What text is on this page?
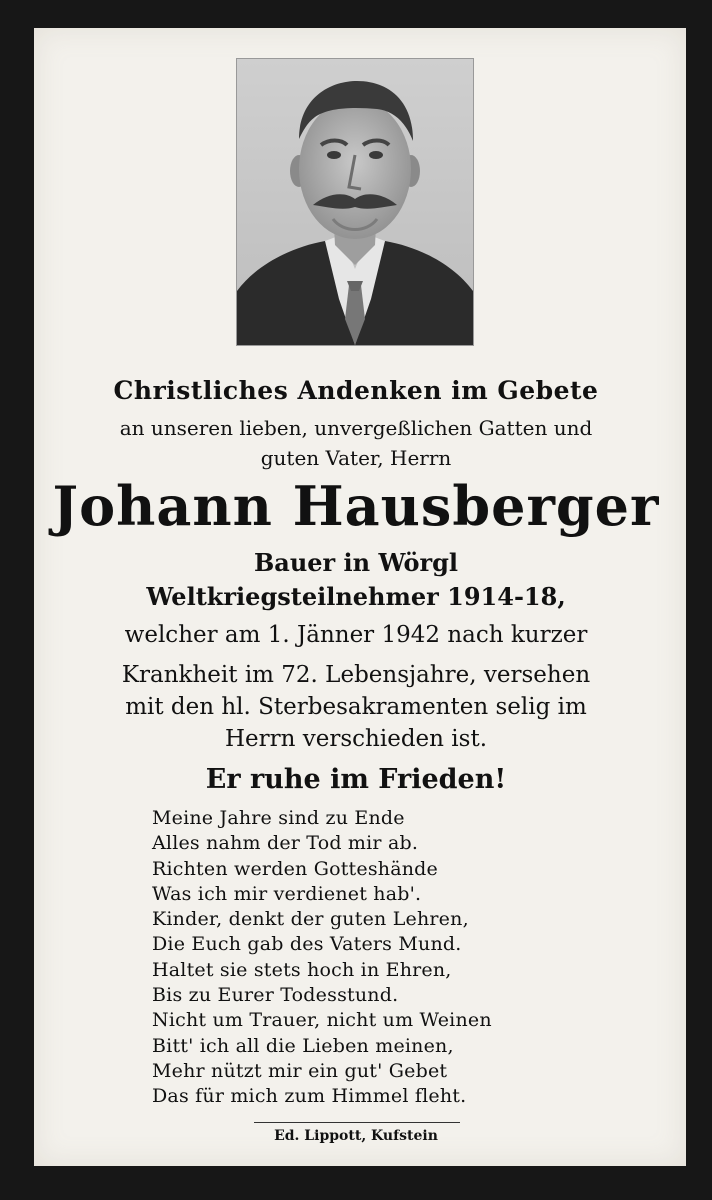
Christliches Andenken im Gebete
an unseren lieben, unvergeßlichen Gatten und
guten Vater, Herrn
Johann Hausberger
Bauer in Wörgl
Weltkriegsteilnehmer 1914-18,
welcher am 1. Jänner 1942 nach kurzer
Krankheit im 72. Lebensjahre, versehen
mit den hl. Sterbesakramenten selig im
Herrn verschieden ist.
Er ruhe im Frieden!
Meine Jahre sind zu Ende
Alles nahm der Tod mir ab.
Richten werden Gotteshände
Was ich mir verdienet hab'.
Kinder, denkt der guten Lehren,
Die Euch gab des Vaters Mund.
Haltet sie stets hoch in Ehren,
Bis zu Eurer Todesstund.
Nicht um Trauer, nicht um Weinen
Bitt' ich all die Lieben meinen,
Mehr nützt mir ein gut' Gebet
Das für mich zum Himmel fleht.
Ed. Lippott, Kufstein
